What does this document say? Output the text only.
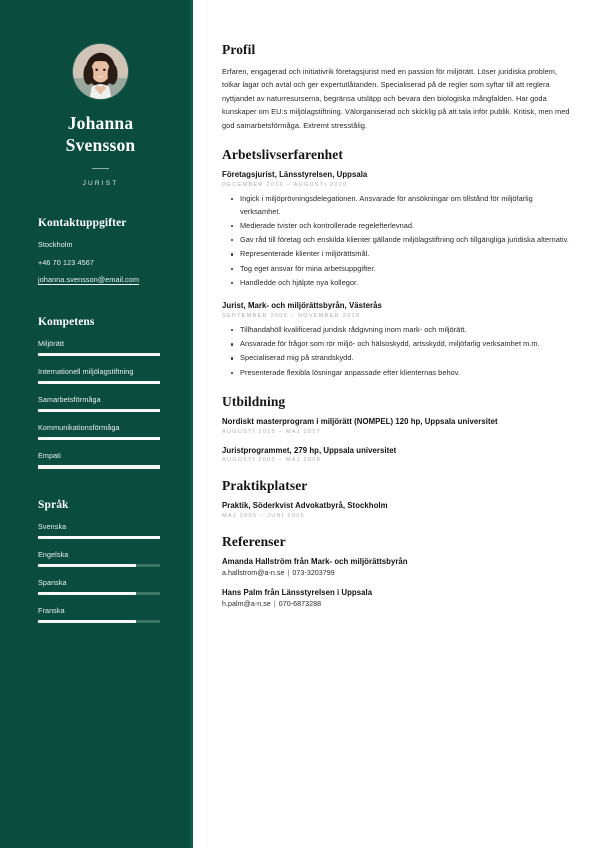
Johanna
Svensson
JURIST
Kontaktuppgifter
Stockholm
+46 70 123 4567
johanna.svensson@email.com
Kompetens
Miljörätt
Internationell miljölagstiftning
Samarbetsförmåga
Kommunikationsförmåga
Empati
Språk
Svenska
Engelska
Spanska
Franska
Profil

Erfaren, engagerad och initiativrik företagsjurist med en passion för miljörätt. Löser juridiska problem, tolkar lagar och avtal och ger expertutlåtanden. Specialiserad på de regler som syftar till att reglera nyttjandet av naturresurserna, begränsa utsläpp och bevara den biologiska mångfalden. Har goda kunskaper om EU:s miljölagstiftning. Välorganiserad och skicklig på att tala inför publik. Kritisk, men med god samarbetsförmåga. Extremt stresstålig.

Arbetslivserfarenhet
Företagsjurist, Länsstyrelsen, Uppsala
DECEMBER 2010 – AUGUSTI 2020
Ingick i miljöprövningsdelegationen. Ansvarade för ansökningar om tillstånd för miljöfarlig verksamhet.
Medierade tvister och kontrollerade regelefterlevnad.
Gav råd till företag och enskilda klienter gällande miljölagstiftning och tillgängliga juridiska alternativ.
Representerade klienter i miljörättsmål.
Tog eget ansvar för mina arbetsuppgifter.
Handledde och hjälpte nya kollegor.
Jurist, Mark- och miljörättsbyrån, Västerås
SEPTEMBER 2006 – NOVEMBER 2010
Tillhandahöll kvalificerad juridisk rådgivning inom mark- och miljörätt.
Ansvarade för frågor som rör miljö- och hälsoskydd, artsskydd, miljöfarlig verksamhet m.m.
Specialiserad mig på strandskydd.
Presenterade flexibla lösningar anpassade efter klienternas behov.
Utbildning
Nordiskt masterprogram i miljörätt (NOMPEL) 120 hp, Uppsala universitet
AUGUSTI 2015 – MAJ 2017
Juristprogrammet, 279 hp, Uppsala universitet
AUGUSTI 2003 – MAJ 2008
Praktikplatser
Praktik, Söderkvist Advokatbyrå, Stockholm
MAJ 2005 – JUNI 2006
Referenser
Amanda Hallström från Mark- och miljörättsbyrån
a.hallstrom@a-n.se | 073-3203799
Hans Palm från Länsstyrelsen i Uppsala
h.palm@a-n.se | 070-6873288
